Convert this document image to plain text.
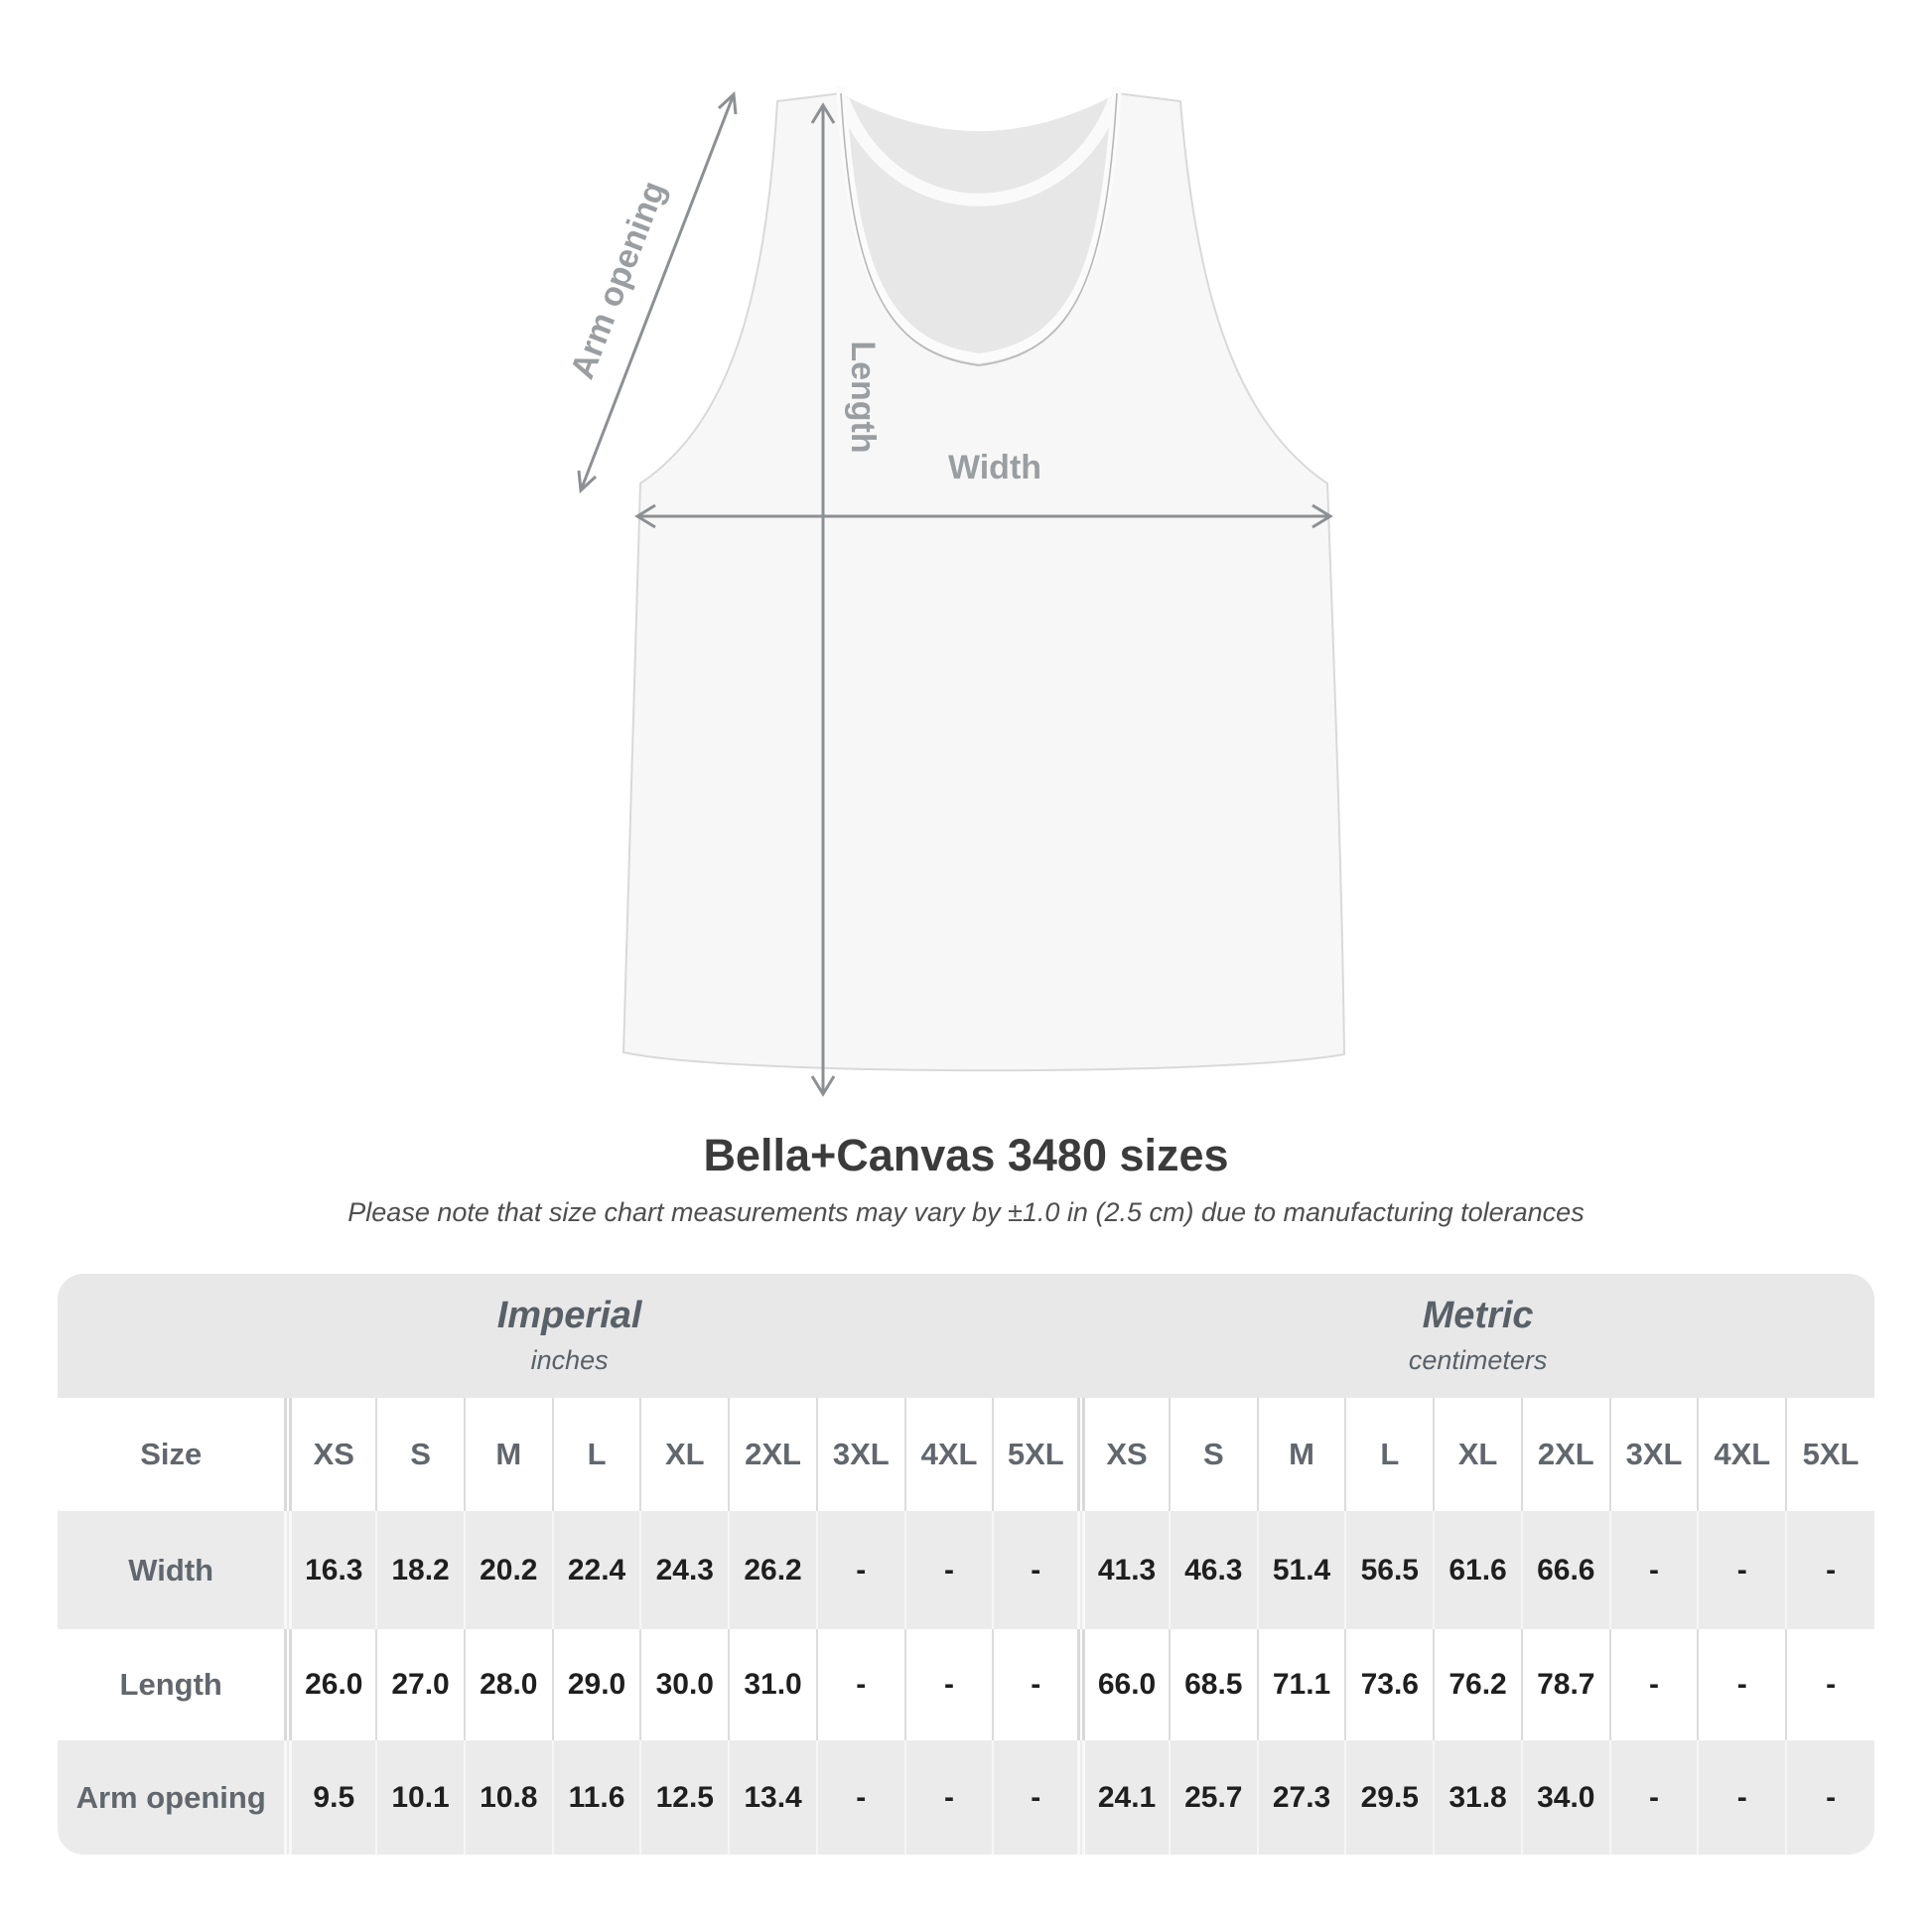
Arm opening
Length
Width
Bella+Canvas 3480 sizes

Please note that size chart measurements may vary by ±1.0 in (2.5 cm) due to manufacturing tolerances

Imperial
inches
Metric
centimeters
Size	XS	S	M	L	XL	2XL	3XL	4XL	5XL	XS	S	M	L	XL	2XL	3XL	4XL	5XL
Width	16.3	18.2	20.2	22.4	24.3	26.2	-	-	-	41.3	46.3	51.4	56.5	61.6	66.6	-	-	-
Length	26.0	27.0	28.0	29.0	30.0	31.0	-	-	-	66.0	68.5	71.1	73.6	76.2	78.7	-	-	-
Arm opening	9.5	10.1	10.8	11.6	12.5	13.4	-	-	-	24.1	25.7	27.3	29.5	31.8	34.0	-	-	-
